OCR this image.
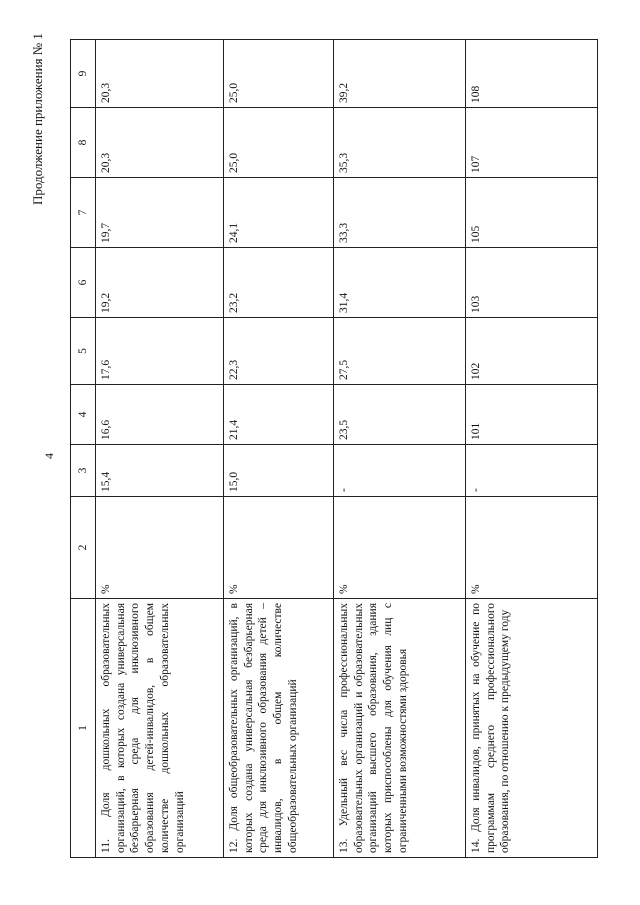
Продолжение приложения № 1
4
1	2	3	4	5	6	7	8	9
11. Доля дошкольных образовательных организаций, в которых создана универсальная безбарьерная среда для инклюзивного образования детей-инвалидов, в общем количестве дошкольных образовательных организаций	%	15,4	16,6	17,6	19,2	19,7	20,3	20,3
12. Доля общеобразовательных организаций, в которых создана универсальная безбарьерная среда для инклюзивного образования детей – инвалидов, в общем количестве общеобразовательных организаций	%	15,0	21,4	22,3	23,2	24,1	25,0	25,0
13. Удельный вес числа профессиональных образовательных организаций и образовательных организаций высшего образования, здания которых приспособлены для обучения лиц с ограниченными возможностями здоровья	%	-	23,5	27,5	31,4	33,3	35,3	39,2
14. Доля инвалидов, принятых на обучение по программам среднего профессионального образования, по отношению к предыдущему году	%	-	101	102	103	105	107	108
